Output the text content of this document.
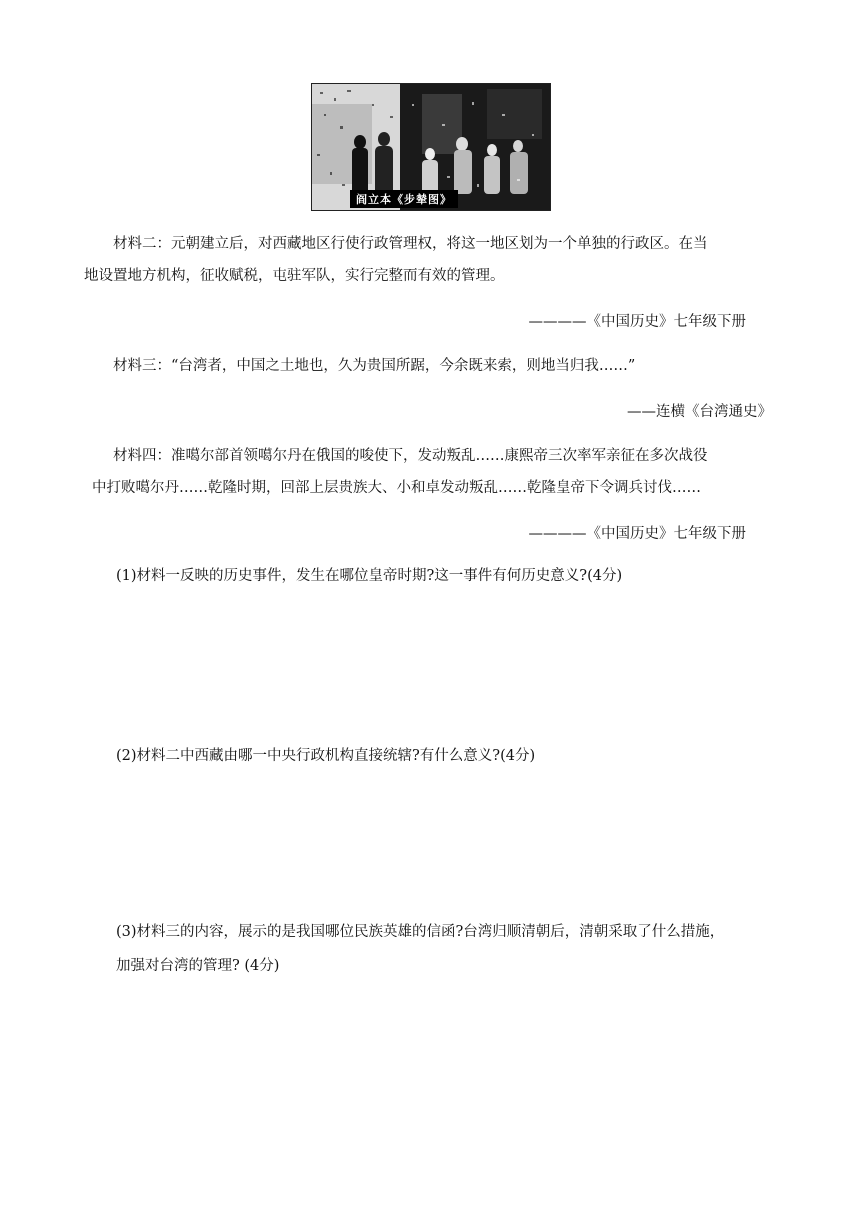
阎立本《步辇图》
材料二：元朝建立后，对西藏地区行使行政管理权，将这一地区划为一个单独的行政区。在当
地设置地方机构，征收赋税，屯驻军队，实行完整而有效的管理。
————《中国历史》七年级下册
材料三：“台湾者，中国之土地也，久为贵国所踞，今余既来索，则地当归我……”
——连横《台湾通史》
材料四：准噶尔部首领噶尔丹在俄国的唆使下，发动叛乱……康熙帝三次率军亲征在多次战役
中打败噶尔丹……乾隆时期，回部上层贵族大、小和卓发动叛乱……乾隆皇帝下令调兵讨伐……
————《中国历史》七年级下册
(1)材料一反映的历史事件，发生在哪位皇帝时期?这一事件有何历史意义?(4分)
(2)材料二中西藏由哪一中央行政机构直接统辖?有什么意义?(4分)
(3)材料三的内容，展示的是我国哪位民族英雄的信函?台湾归顺清朝后，清朝采取了什么措施，
加强对台湾的管理? (4分)
